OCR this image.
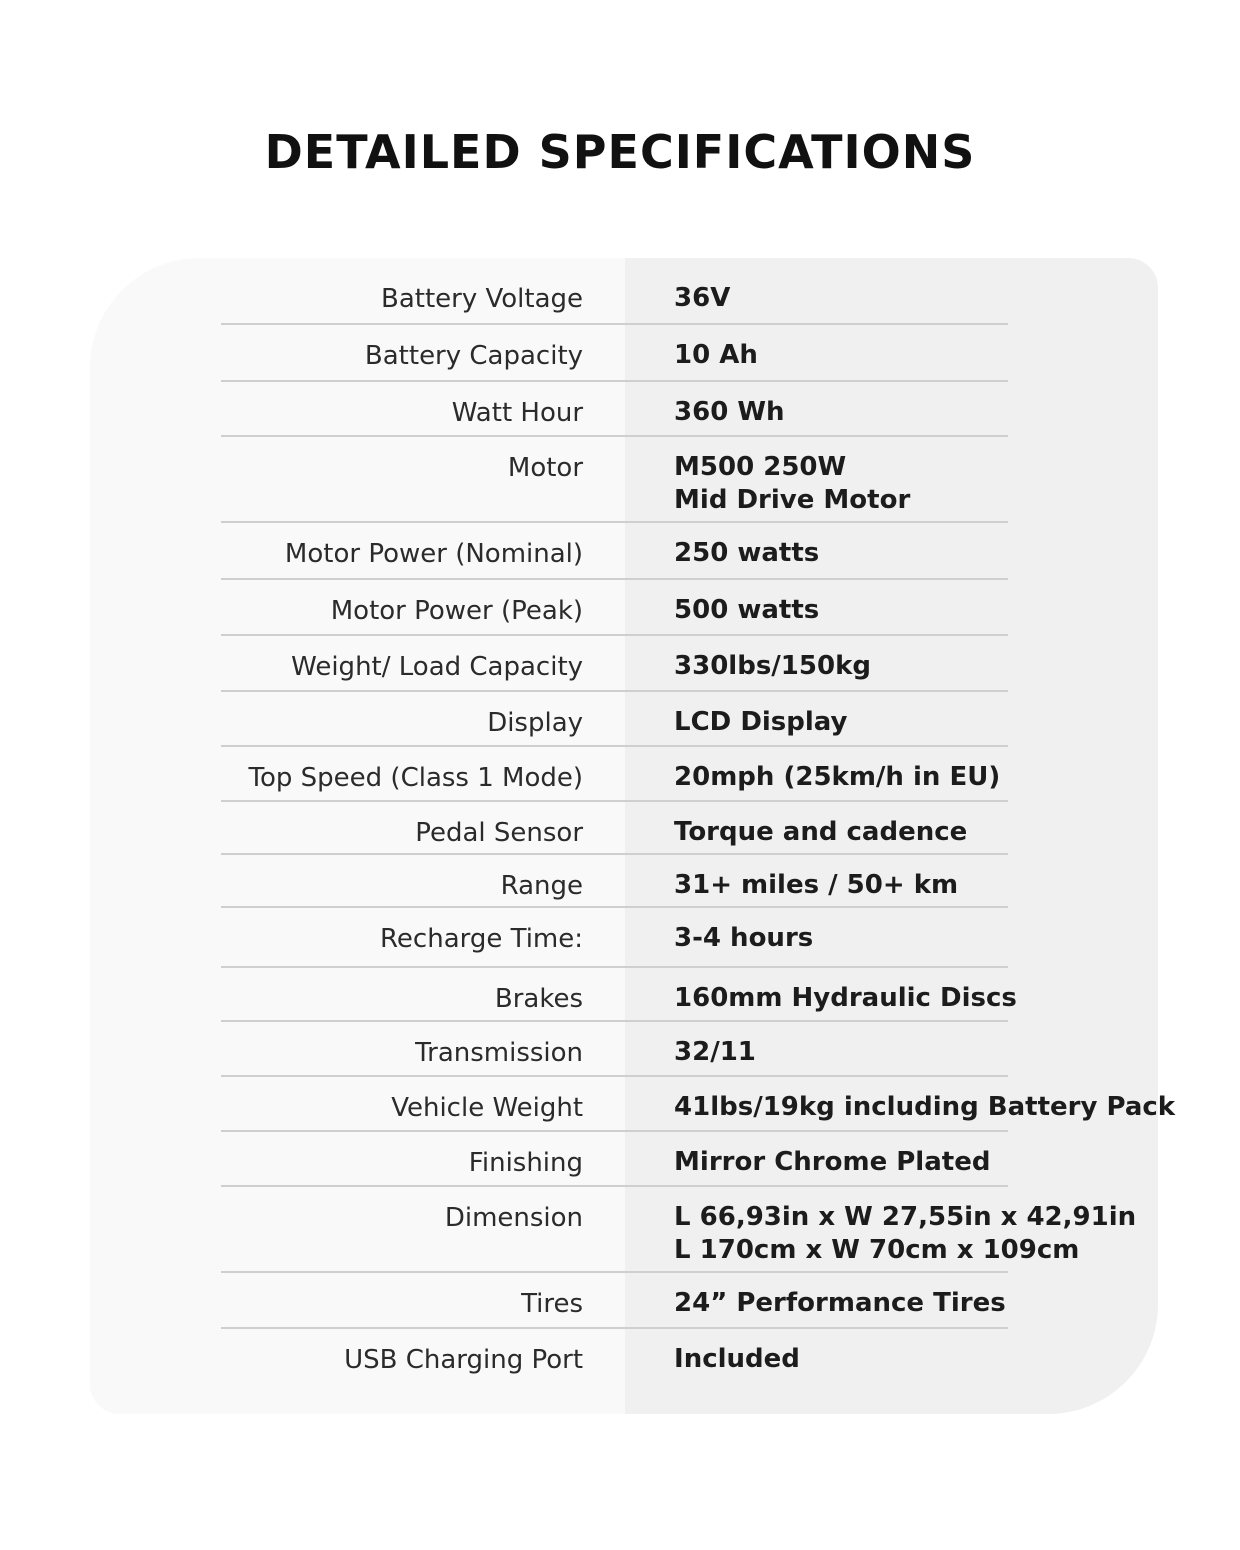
DETAILED SPECIFICATIONS
Battery Voltage	36V
Battery Capacity	10 Ah
Watt Hour	360 Wh
Motor	M500 250W
Mid Drive Motor
Motor Power (Nominal)	250 watts
Motor Power (Peak)	500 watts
Weight/ Load Capacity	330lbs/150kg
Display	LCD Display
Top Speed (Class 1 Mode)	20mph (25km/h in EU)
Pedal Sensor	Torque and cadence
Range	31+ miles / 50+ km
Recharge Time:	3-4 hours
Brakes	160mm Hydraulic Discs
Transmission	32/11
Vehicle Weight	41lbs/19kg including Battery Pack
Finishing	Mirror Chrome Plated
Dimension	L 66,93in x W 27,55in x 42,91in
L 170cm x W 70cm x 109cm
Tires	24” Performance Tires
USB Charging Port	Included
